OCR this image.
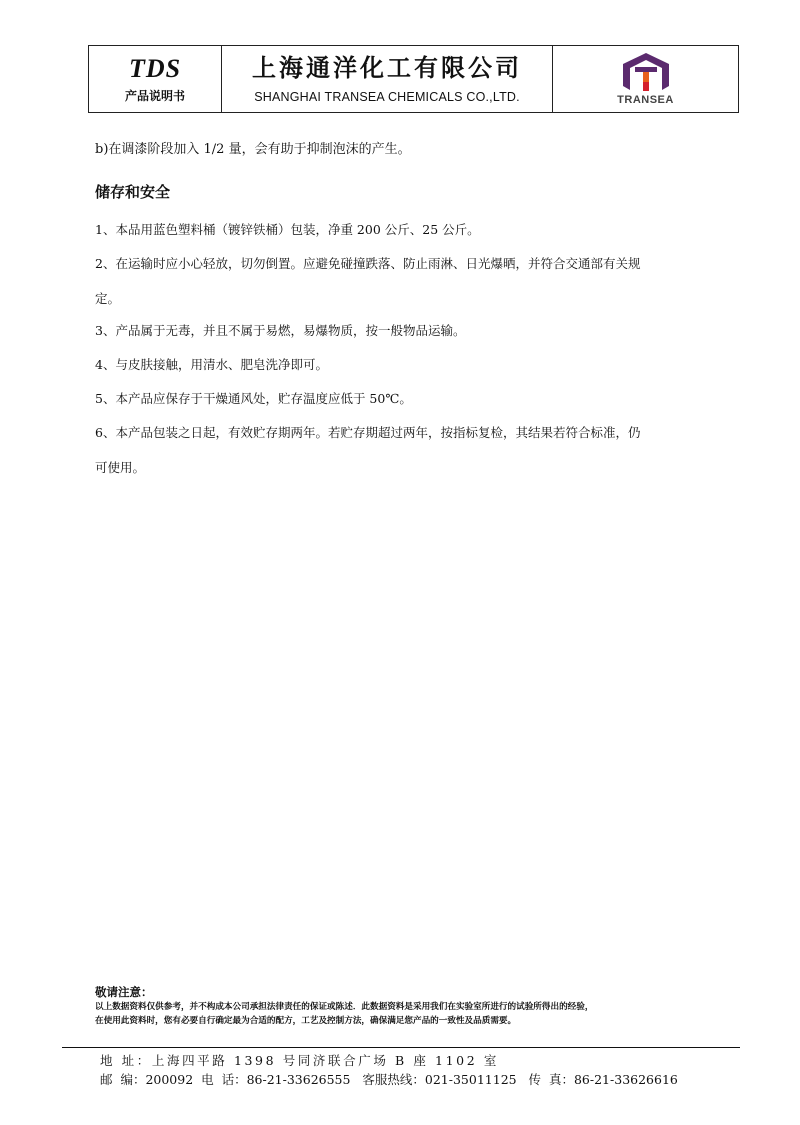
TDS
产品说明书
上海通洋化工有限公司
SHANGHAI TRANSEA CHEMICALS CO.,LTD.	TRANSEA

b)在调漆阶段加入 1/2 量，会有助于抑制泡沫的产生。

储存和安全

1、本品用蓝色塑料桶（镀锌铁桶）包装，净重 200 公斤、25 公斤。

2、在运输时应小心轻放，切勿倒置。应避免碰撞跌落、防止雨淋、日光爆晒，并符合交通部有关规

定。

3、产品属于无毒，并且不属于易燃，易爆物质，按一般物品运输。

4、与皮肤接触，用清水、肥皂洗净即可。

5、本产品应保存于干燥通风处，贮存温度应低于 50℃。

6、本产品包装之日起，有效贮存期两年。若贮存期超过两年，按指标复检，其结果若符合标准，仍

可使用。

敬请注意：
以上数据资料仅供参考，并不构成本公司承担法律责任的保证或陈述．此数据资料是采用我们在实验室所进行的试验所得出的经验，
在使用此资料时，您有必要自行确定最为合适的配方，工艺及控制方法，确保满足您产品的一致性及品质需要。
地 址：上海四平路 1398 号同济联合广场 B 座 1102 室
邮  编：200092 电  话：86-21-33626555 客服热线：021-35011125 传  真：86-21-33626616
